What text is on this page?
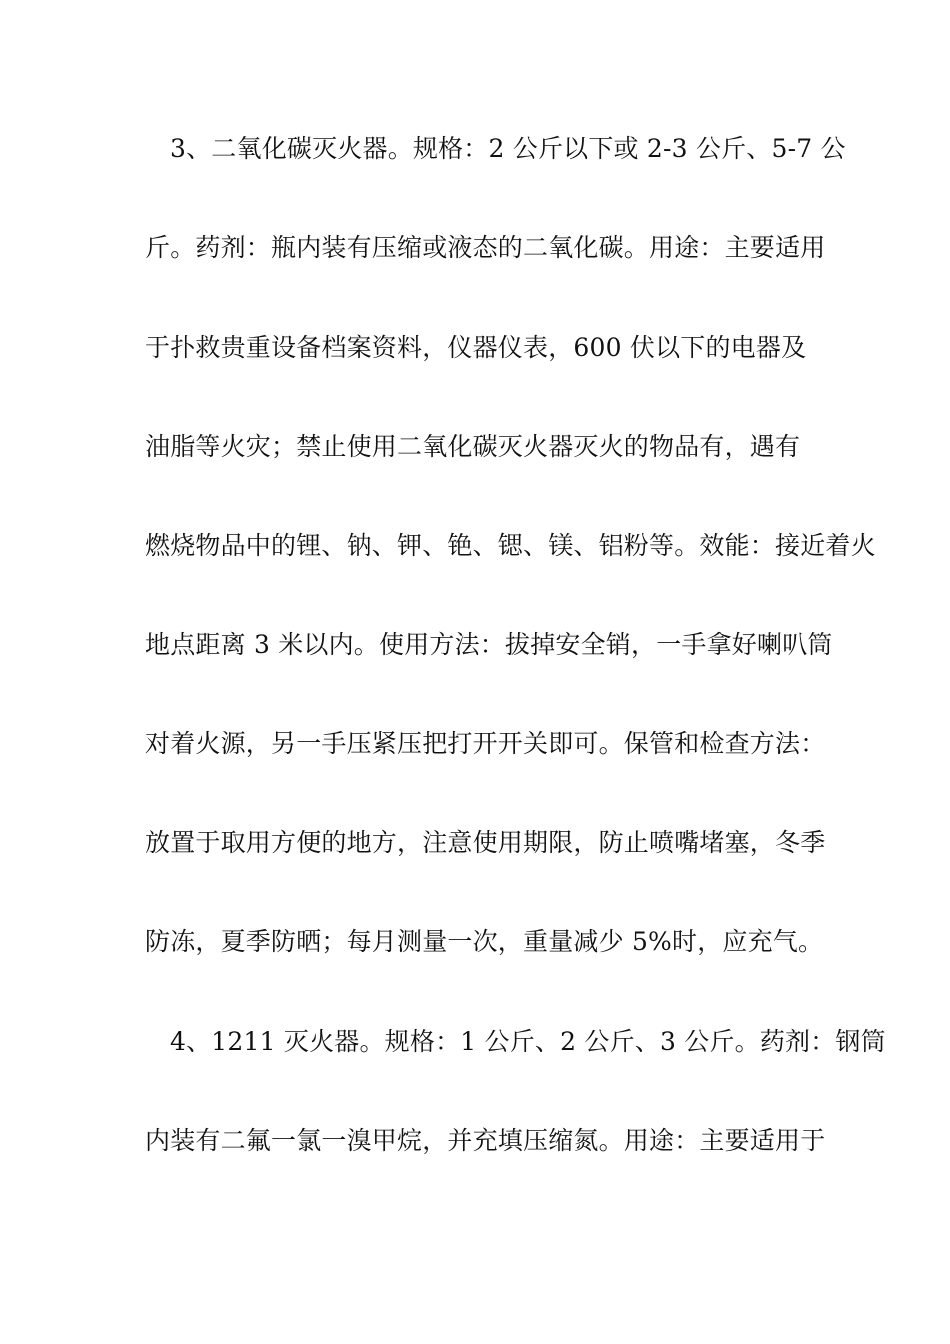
3、二氧化碳灭火器。规格：2 公斤以下或 2-3 公斤、5-7 公
斤。药剂：瓶内装有压缩或液态的二氧化碳。用途：主要适用
于扑救贵重设备档案资料，仪器仪表，600 伏以下的电器及
油脂等火灾；禁止使用二氧化碳灭火器灭火的物品有，遇有
燃烧物品中的锂、钠、钾、铯、锶、镁、铝粉等。效能：接近着火
地点距离 3 米以内。使用方法：拔掉安全销，一手拿好喇叭筒
对着火源，另一手压紧压把打开开关即可。保管和检查方法：
放置于取用方便的地方，注意使用期限，防止喷嘴堵塞，冬季
防冻，夏季防晒；每月测量一次，重量减少 5%时，应充气。
4、1211 灭火器。规格：1 公斤、2 公斤、3 公斤。药剂：钢筒
内装有二氟一氯一溴甲烷，并充填压缩氮。用途：主要适用于
